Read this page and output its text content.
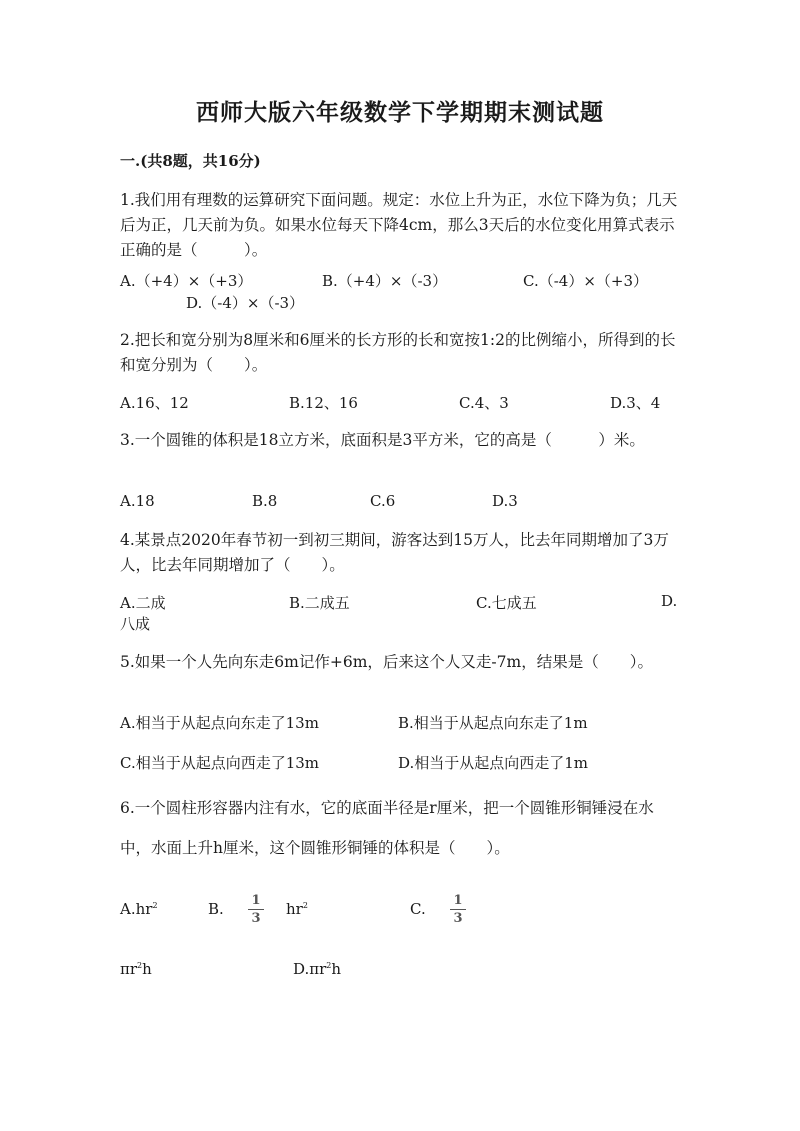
西师大版六年级数学下学期期末测试题
一.(共8题，共16分)
1.我们用有理数的运算研究下面问题。规定：水位上升为正，水位下降为负；几天后为正，几天前为负。如果水位每天下降4cm，那么3天后的水位变化用算式表示正确的是（　　　）。
A.（+4）×（+3）	B.（+4）×（-3）	C.（-4）×（+3）
D.（-4）×（-3）
2.把长和宽分别为8厘米和6厘米的长方形的长和宽按1:2的比例缩小，所得到的长和宽分别为（　　）。
A.16、12	B.12、16	C.4、3	D.3、4
3.一个圆锥的体积是18立方米，底面积是3平方米，它的高是（　　　）米。
A.18	B.8	C.6	D.3
4.某景点2020年春节初一到初三期间，游客达到15万人，比去年同期增加了3万人，比去年同期增加了（　　）。
A.二成	B.二成五	C.七成五	D.
八成
5.如果一个人先向东走6m记作+6m，后来这个人又走-7m，结果是（　　）。
A.相当于从起点向东走了13m	B.相当于从起点向东走了1m
C.相当于从起点向西走了13m	D.相当于从起点向西走了1m
6.一个圆柱形容器内注有水，它的底面半径是r厘米，把一个圆锥形铜锤浸在水中，水面上升h厘米，这个圆锥形铜锤的体积是（　　）。
$A.hr^2$	B. 1
3
$hr^2$	C. 1
3
$\pi r^2h$	$D.\pi r^2h$
